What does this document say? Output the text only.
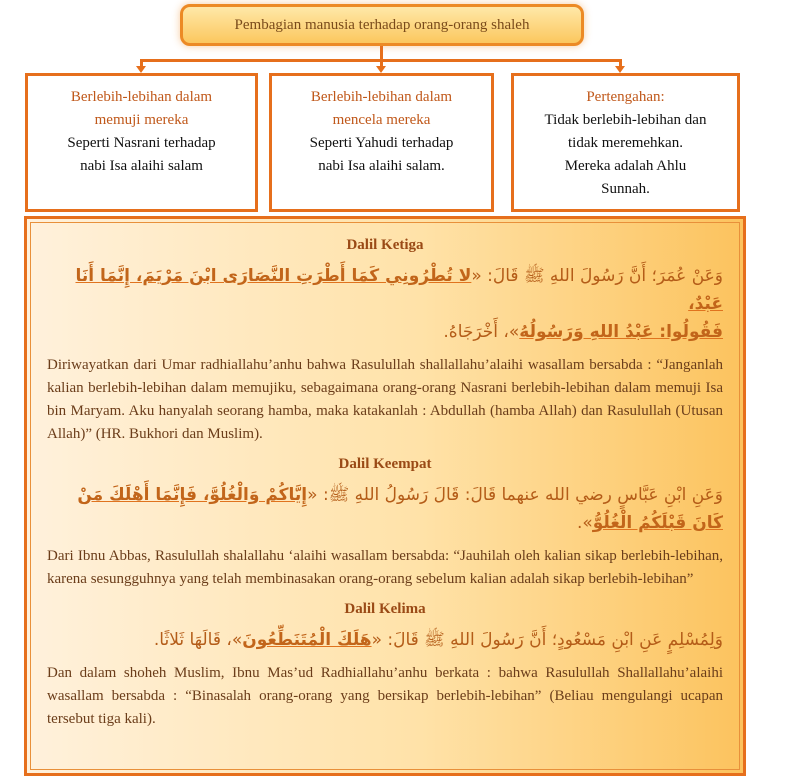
Pembagian manusia terhadap orang-orang shaleh
Berlebih-lebihan dalam
memuji mereka
Seperti Nasrani terhadap
nabi Isa alaihi salam
Berlebih-lebihan dalam
mencela mereka
Seperti Yahudi terhadap
nabi Isa alaihi salam.
Pertengahan:
Tidak berlebih-lebihan dan
tidak meremehkan.
Mereka adalah Ahlu
Sunnah.
Dalil Ketiga
وَعَنْ عُمَرَ؛ أَنَّ رَسُولَ اللهِ ﷺ قَالَ: «لا تُطْرُونِي كَمَا أَطْرَتِ النَّصَارَى ابْنَ مَرْيَمَ، إِنَّمَا أَنَا عَبْدٌ،
فَقُولُوا: عَبْدُ اللهِ وَرَسُولُهُ»، أَخْرَجَاهُ.
Diriwayatkan dari Umar radhiallahu’anhu bahwa Rasulullah shallallahu’alaihi wasallam bersabda : “Janganlah kalian berlebih-lebihan dalam memujiku, sebagaimana orang-orang Nasrani berlebih-lebihan dalam memuji Isa bin Maryam. Aku hanyalah seorang hamba, maka katakanlah : Abdullah (hamba Allah) dan Rasulullah (Utusan Allah)” (HR. Bukhori dan Muslim).
Dalil Keempat
وَعَنِ ابْنِ عَبَّاسٍ رضي الله عنهما قَالَ: قَالَ رَسُولُ اللهِ ﷺ: «إِيَّاكُمْ وَالْغُلُوَّ، فَإِنَّمَا أَهْلَكَ مَنْ كَانَ قَبْلَكُمُ الْغُلُوُّ».
Dari Ibnu Abbas, Rasulullah shalallahu ‘alaihi wasallam bersabda: “Jauhilah oleh kalian sikap berlebih-lebihan, karena sesungguhnya yang telah membinasakan orang-orang sebelum kalian adalah sikap berlebih-lebihan”
Dalil Kelima
وَلِمُسْلِمٍ عَنِ ابْنِ مَسْعُودٍ؛ أَنَّ رَسُولَ اللهِ ﷺ قَالَ: «هَلَكَ الْمُتَنَطِّعُونَ»، قَالَهَا ثَلاثًا.
Dan dalam shoheh Muslim, Ibnu Mas’ud Radhiallahu’anhu berkata : bahwa Rasulullah Shallallahu’alaihi wasallam bersabda : “Binasalah orang-orang yang bersikap berlebih-lebihan” (Beliau mengulangi ucapan tersebut tiga kali).
